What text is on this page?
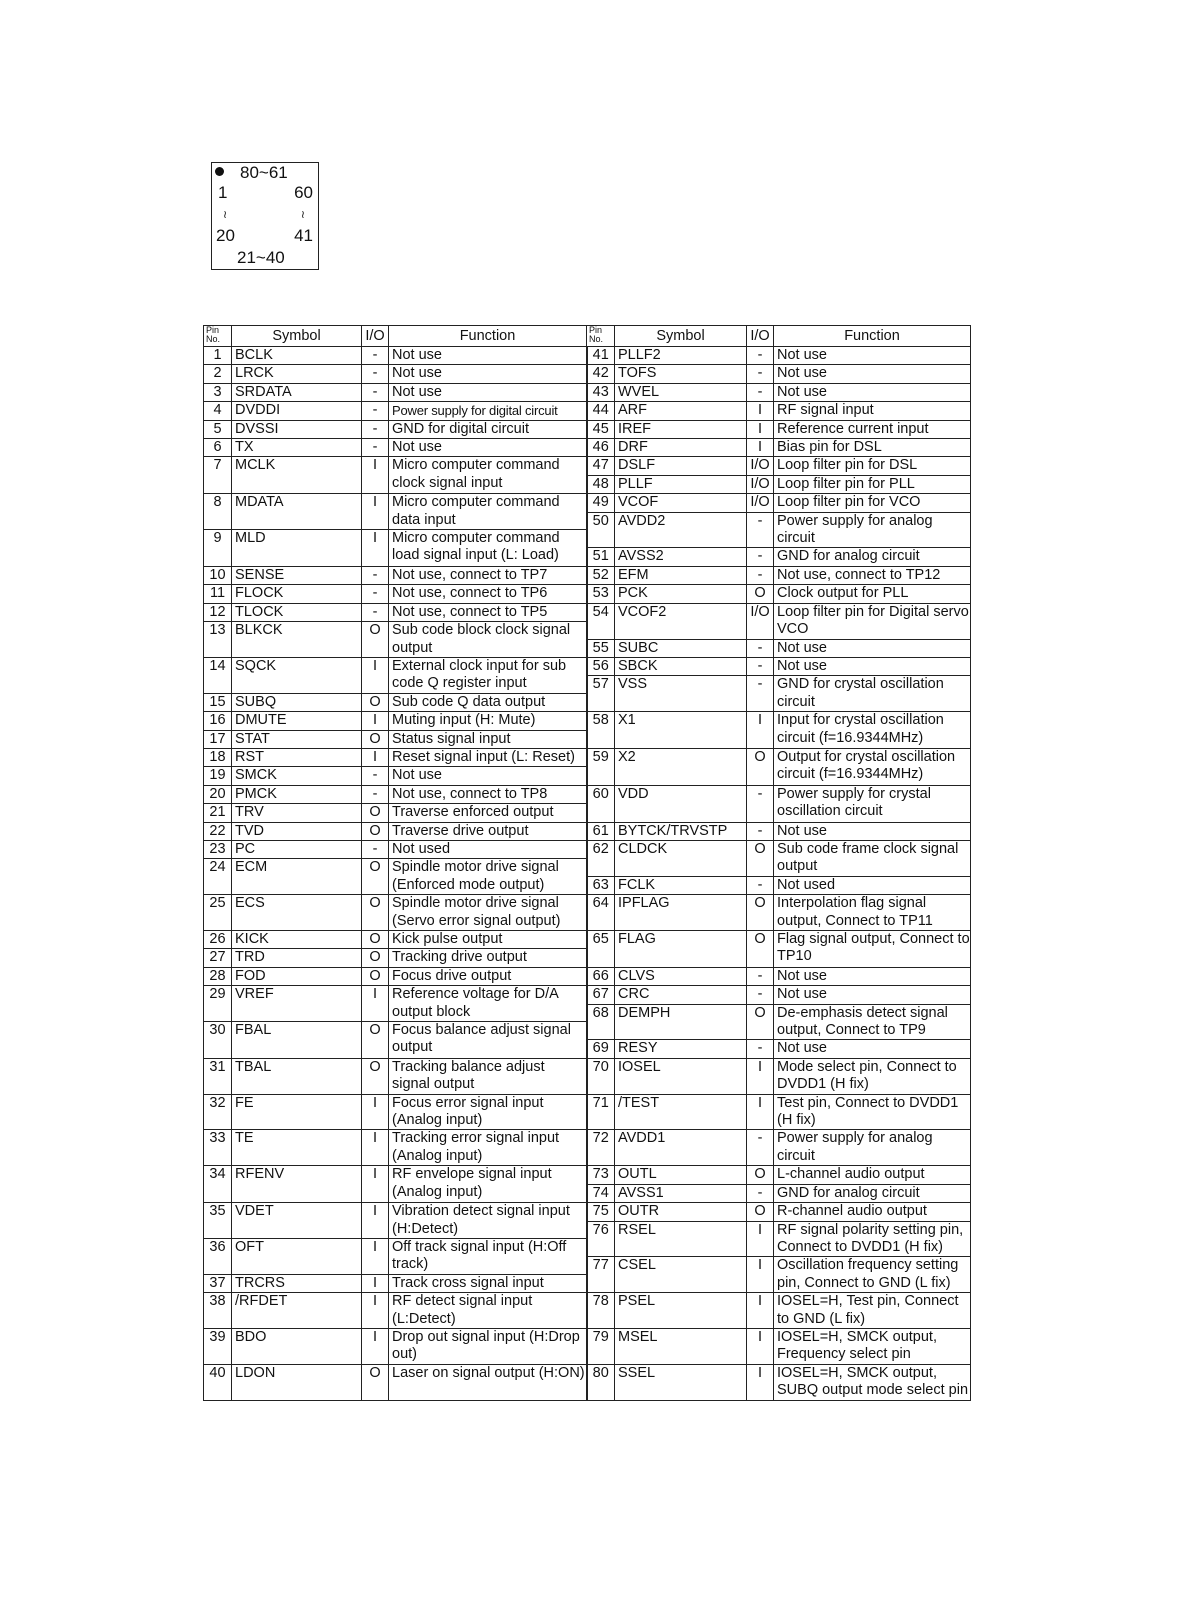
80~61
1	60
≀	≀
20	41
21~40
Pin No.	Symbol	I/O	Function	Pin No.	Symbol	I/O	Function
1	BCLK	-	Not use	41	PLLF2	-	Not use
2	LRCK	-	Not use	42	TOFS	-	Not use
3	SRDATA	-	Not use	43	WVEL	-	Not use
4	DVDDI	-	Power supply for digital circuit	44	ARF	I	RF signal input
5	DVSSI	-	GND for digital circuit	45	IREF	I	Reference current input
6	TX	-	Not use	46	DRF	I	Bias pin for DSL
7	MCLK	I	Micro computer command clock signal input	47	DSLF	I/O	Loop filter pin for DSL
				48	PLLF	I/O	Loop filter pin for PLL
8	MDATA	I	Micro computer command data input	49	VCOF	I/O	Loop filter pin for VCO
				50	AVDD2	-	Power supply for analog circuit
9	MLD	I	Micro computer command load signal input (L: Load)				
				51	AVSS2	-	GND for analog circuit
10	SENSE	-	Not use, connect to TP7	52	EFM	-	Not use, connect to TP12
11	FLOCK	-	Not use, connect to TP6	53	PCK	O	Clock output for PLL
12	TLOCK	-	Not use, connect to TP5	54	VCOF2	I/O	Loop filter pin for Digital servo VCO
13	BLKCK	O	Sub code block clock signal output				
				55	SUBC	-	Not use
14	SQCK	I	External clock input for sub code Q register input	56	SBCK	-	Not use
				57	VSS	-	GND for crystal oscillation circuit
15	SUBQ	O	Sub code Q data output				
16	DMUTE	I	Muting input (H: Mute)	58	X1	I	Input for crystal oscillation circuit (f=16.9344MHz)
17	STAT	O	Status signal input				
18	RST	I	Reset signal input (L: Reset)	59	X2	O	Output for crystal oscillation circuit (f=16.9344MHz)
19	SMCK	-	Not use				
20	PMCK	-	Not use, connect to TP8	60	VDD	-	Power supply for crystal oscillation circuit
21	TRV	O	Traverse enforced output				
22	TVD	O	Traverse drive output	61	BYTCK/TRVSTP	-	Not use
23	PC	-	Not used	62	CLDCK	O	Sub code frame clock signal output
24	ECM	O	Spindle motor drive signal (Enforced mode output)				
				63	FCLK	-	Not used
25	ECS	O	Spindle motor drive signal (Servo error signal output)	64	IPFLAG	O	Interpolation flag signal output, Connect to TP11

26	KICK	O	Kick pulse output	65	FLAG	O	Flag signal output, Connect to TP10
27	TRD	O	Tracking drive output				
28	FOD	O	Focus drive output	66	CLVS	-	Not use
29	VREF	I	Reference voltage for D/A output block	67	CRC	-	Not use
				68	DEMPH	O	De-emphasis detect signal output, Connect to TP9
30	FBAL	O	Focus balance adjust signal output				
				69	RESY	-	Not use
31	TBAL	O	Tracking balance adjust signal output	70	IOSEL	I	Mode select pin, Connect to DVDD1 (H fix)

32	FE	I	Focus error signal input (Analog input)	71	/TEST	I	Test pin, Connect to DVDD1 (H fix)

33	TE	I	Tracking error signal input (Analog input)	72	AVDD1	-	Power supply for analog circuit

34	RFENV	I	RF envelope signal input (Analog input)	73	OUTL	O	L-channel audio output
				74	AVSS1	-	GND for analog circuit
35	VDET	I	Vibration detect signal input (H:Detect)	75	OUTR	O	R-channel audio output
				76	RSEL	I	RF signal polarity setting pin, Connect to DVDD1 (H fix)
36	OFT	I	Off track signal input (H:Off track)				
				77	CSEL	I	Oscillation frequency setting pin, Connect to GND (L fix)
37	TRCRS	I	Track cross signal input				
38	/RFDET	I	RF detect signal input (L:Detect)	78	PSEL	I	IOSEL=H, Test pin, Connect to GND (L fix)

39	BDO	I	Drop out signal input (H:Drop out)	79	MSEL	I	IOSEL=H, SMCK output, Frequency select pin

40	LDON	O	Laser on signal output (H:ON)	80	SSEL	I	IOSEL=H, SMCK output, SUBQ output mode select pin
